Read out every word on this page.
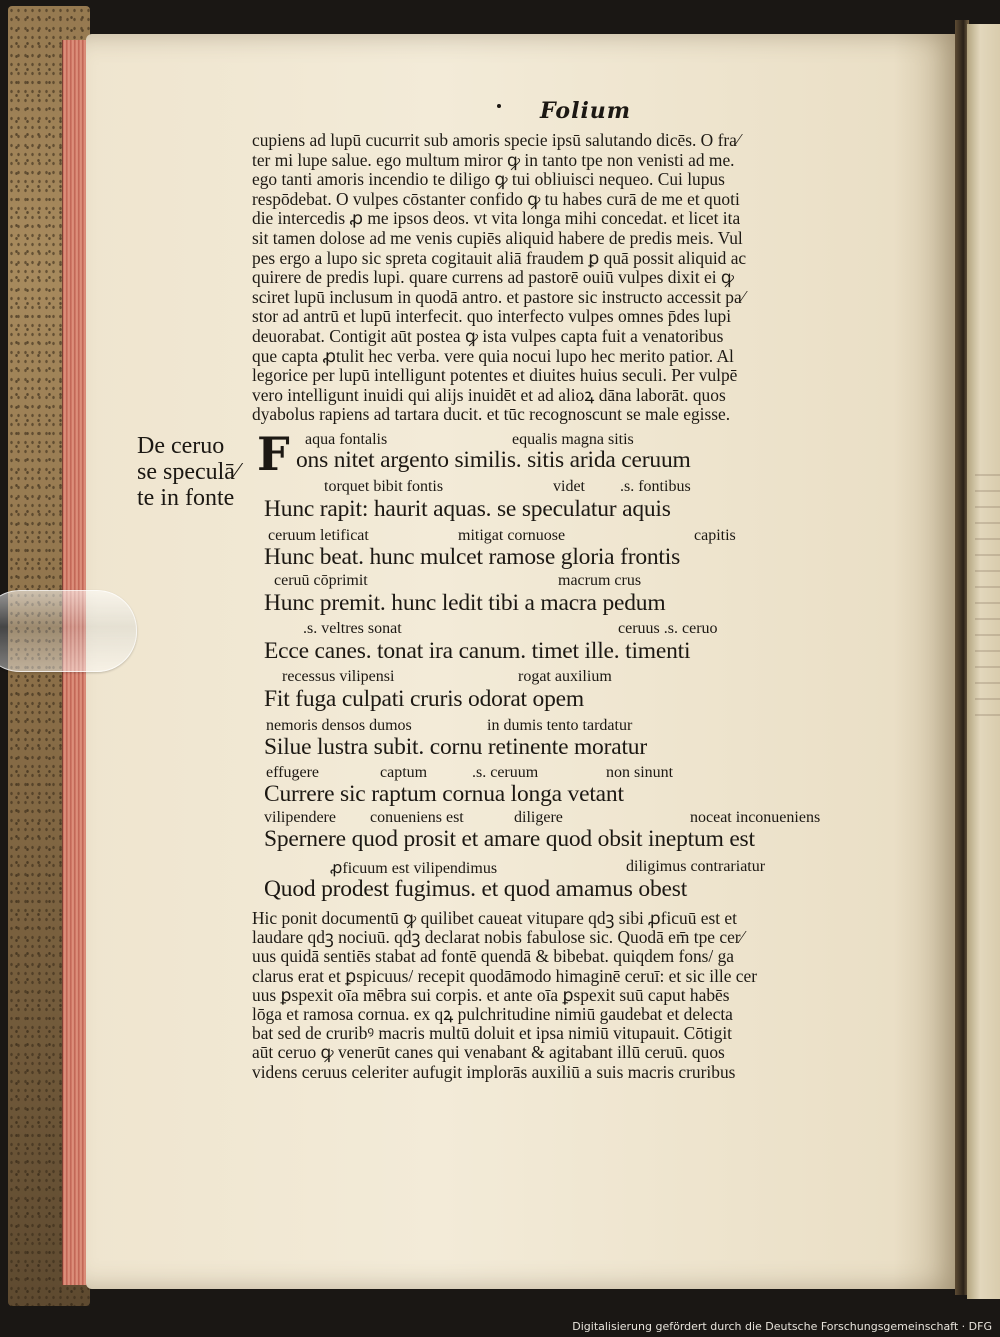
Folium
cupiens ad lupū cucurrit sub amoris specie ipsū salutando dicēs. O fra⁄
ter mi lupe salue. ego multum miror ꝙ in tanto tpe non venisti ad me.
ego tanti amoris incendio te diligo ꝙ tui obliuisci nequeo. Cui lupus
respōdebat. O vulpes cōstanter confido ꝙ tu habes curā de me et quoti
die intercedis ꝓ me ipsos deos. vt vita longa mihi concedat. et licet ita
sit tamen dolose ad me venis cupiēs aliquid habere de predis meis. Vul
pes ergo a lupo sic spreta cogitauit aliā fraudem ꝑ quā possit aliquid ac
quirere de predis lupi. quare currens ad pastorē ouiū vulpes dixit ei ꝙ
sciret lupū inclusum in quodā antro. et pastore sic instructo accessit pa⁄
stor ad antrū et lupū interfecit. quo interfecto vulpes omnes p̄des lupi
deuorabat. Contigit aūt postea ꝙ ista vulpes capta fuit a venatoribus
que capta ꝓtulit hec verba. vere quia nocui lupo hec merito patior. Al
legorice per lupū intelligunt potentes et diuites huius seculi. Per vulpē
vero intelligunt inuidi qui alijs inuidēt et ad alioꝝ dāna laborāt. quos
dyabolus rapiens ad tartara ducit. et tūc recognoscunt se male egisse.
De ceruo
se speculā⁄
te in fonte
F aqua fontalis	equalis magna sitis
ons nitet argento similis. sitis arida ceruum
torquet bibit fontis	videt .s. fontibus
Hunc rapit: haurit aquas. se speculatur aquis
ceruum letificat	mitigat cornuose	capitis
Hunc beat. hunc mulcet ramose gloria frontis
ceruū cōprimit	macrum crus
Hunc premit. hunc ledit tibi a macra pedum
.s. veltres sonat	ceruus .s. ceruo
Ecce canes. tonat ira canum. timet ille. timenti
recessus vilipensi	rogat auxilium
Fit fuga culpati cruris odorat opem
nemoris densos dumos	in dumis tento tardatur
Silue lustra subit. cornu retinente moratur
effugere	captum	.s. ceruum	non sinunt
Currere sic raptum cornua longa vetant
vilipendere conueniens est	diligere	noceat inconueniens
Spernere quod prosit et amare quod obsit ineptum est
ꝓficuum est vilipendimus	diligimus contrariatur
Quod prodest fugimus. et quod amamus obest
Hic ponit documentū ꝙ quilibet caueat vitupare qdꝫ sibi ꝓficuū est et
laudare qdꝫ nociuū. qdꝫ declarat nobis fabulose sic. Quodā em̄ tpe cer⁄
uus quidā sentiēs stabat ad fontē quendā & bibebat. quiqdem fons/ ga
clarus erat et ꝑspicuus/ recepit quodāmodo himaginē ceruī: et sic ille cer
uus ꝑspexit oīa mēbra sui corpis. et ante oīa ꝑspexit suū caput habēs
lōga et ramosa cornua. ex qꝝ pulchritudine nimiū gaudebat et delecta
bat sed de cruribꝰ macris multū doluit et ipsa nimiū vitupauit. Cōtigit
aūt ceruo ꝙ venerūt canes qui venabant & agitabant illū ceruū. quos
videns ceruus celeriter aufugit implorās auxiliū a suis macris cruribus
Digitalisierung gefördert durch die Deutsche Forschungsgemeinschaft · DFG
